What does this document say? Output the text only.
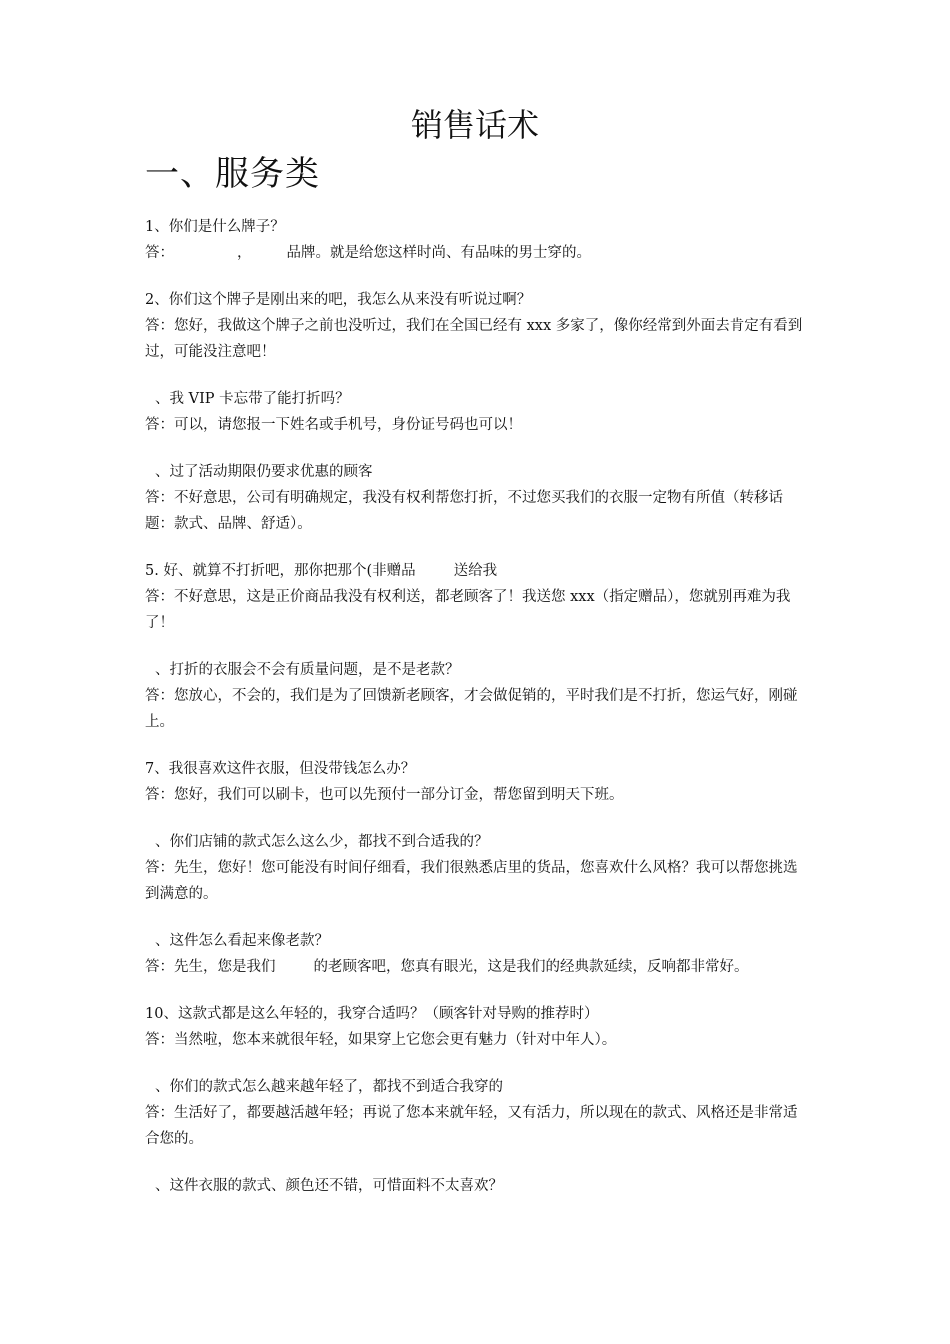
销售话术
一、服务类

1、你们是什么牌子？

答：	， 品牌。就是给您这样时尚、有品味的男士穿的。

2、你们这个牌子是刚出来的吧，我怎么从来没有听说过啊？

答：您好，我做这个牌子之前也没听过，我们在全国已经有 xxx 多家了，像你经常到外面去肯定有看到过，可能没注意吧！

、我 VIP 卡忘带了能打折吗？

答：可以，请您报一下姓名或手机号，身份证号码也可以！

、过了活动期限仍要求优惠的顾客

答：不好意思，公司有明确规定，我没有权利帮您打折，不过您买我们的衣服一定物有所值（转移话题：款式、品牌、舒适）。

5. 好、就算不打折吧，那你把那个(非赠品	送给我

答：不好意思，这是正价商品我没有权利送，都老顾客了！我送您 xxx（指定赠品），您就别再难为我了！

、打折的衣服会不会有质量问题，是不是老款？

答：您放心，不会的，我们是为了回馈新老顾客，才会做促销的，平时我们是不打折，您运气好，刚碰上。

7、我很喜欢这件衣服，但没带钱怎么办？

答：您好，我们可以刷卡，也可以先预付一部分订金，帮您留到明天下班。

、你们店铺的款式怎么这么少，都找不到合适我的？

答：先生，您好！您可能没有时间仔细看，我们很熟悉店里的货品，您喜欢什么风格？我可以帮您挑选到满意的。

、这件怎么看起来像老款？

答：先生，您是我们	的老顾客吧，您真有眼光，这是我们的经典款延续，反响都非常好。

10、这款式都是这么年轻的，我穿合适吗？（顾客针对导购的推荐时）

答：当然啦，您本来就很年轻，如果穿上它您会更有魅力（针对中年人）。

、你们的款式怎么越来越年轻了，都找不到适合我穿的

答：生活好了，都要越活越年轻；再说了您本来就年轻，又有活力，所以现在的款式、风格还是非常适合您的。

、这件衣服的款式、颜色还不错，可惜面料不太喜欢？
